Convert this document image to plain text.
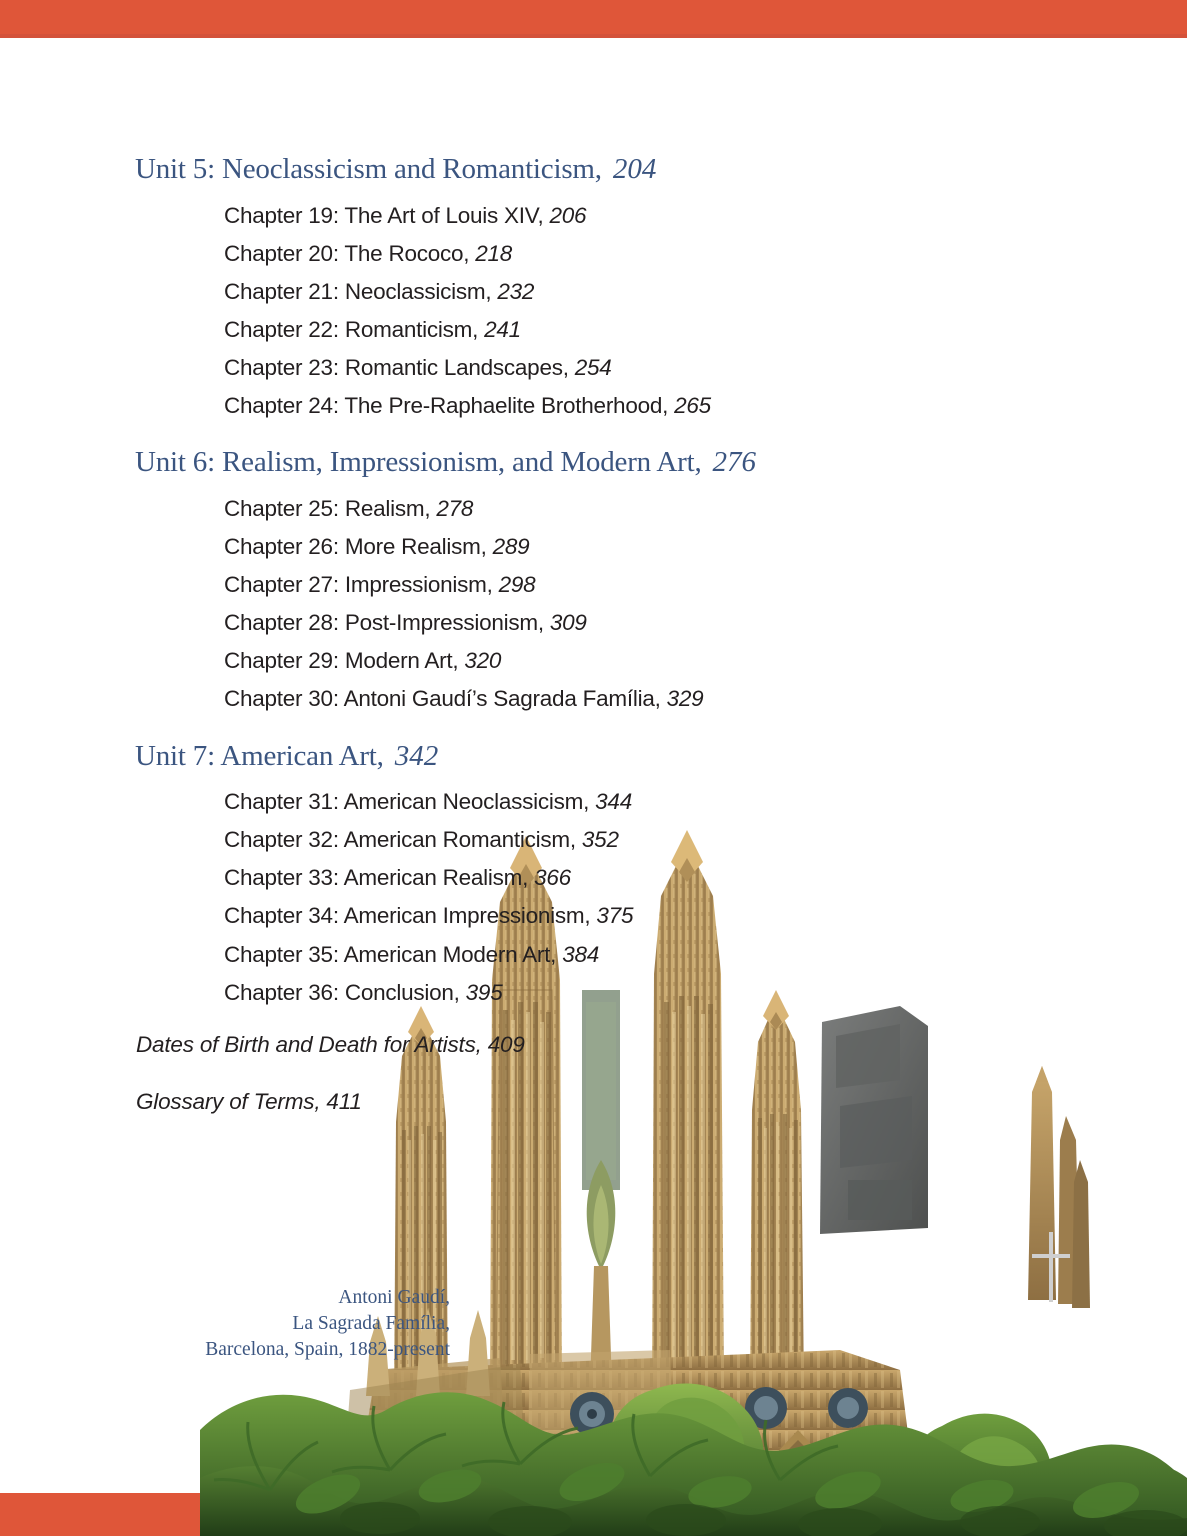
Unit 5: Neoclassicism and Romanticism, 204
Chapter 19: The Art of Louis XIV, 206
Chapter 20: The Rococo, 218
Chapter 21: Neoclassicism, 232
Chapter 22: Romanticism, 241
Chapter 23: Romantic Landscapes, 254
Chapter 24: The Pre-Raphaelite Brotherhood, 265
Unit 6: Realism, Impressionism, and Modern Art, 276
Chapter 25: Realism, 278
Chapter 26: More Realism, 289
Chapter 27: Impressionism, 298
Chapter 28: Post-Impressionism, 309
Chapter 29: Modern Art, 320
Chapter 30: Antoni Gaudí’s Sagrada Família, 329
Unit 7: American Art, 342
Chapter 31: American Neoclassicism, 344
Chapter 32: American Romanticism, 352
Chapter 33: American Realism, 366
Chapter 34: American Impressionism, 375
Chapter 35: American Modern Art, 384
Chapter 36: Conclusion, 395
Dates of Birth and Death for Artists, 409
Glossary of Terms, 411
Antoni Gaudí,
La Sagrada Família,
Barcelona, Spain, 1882-present
